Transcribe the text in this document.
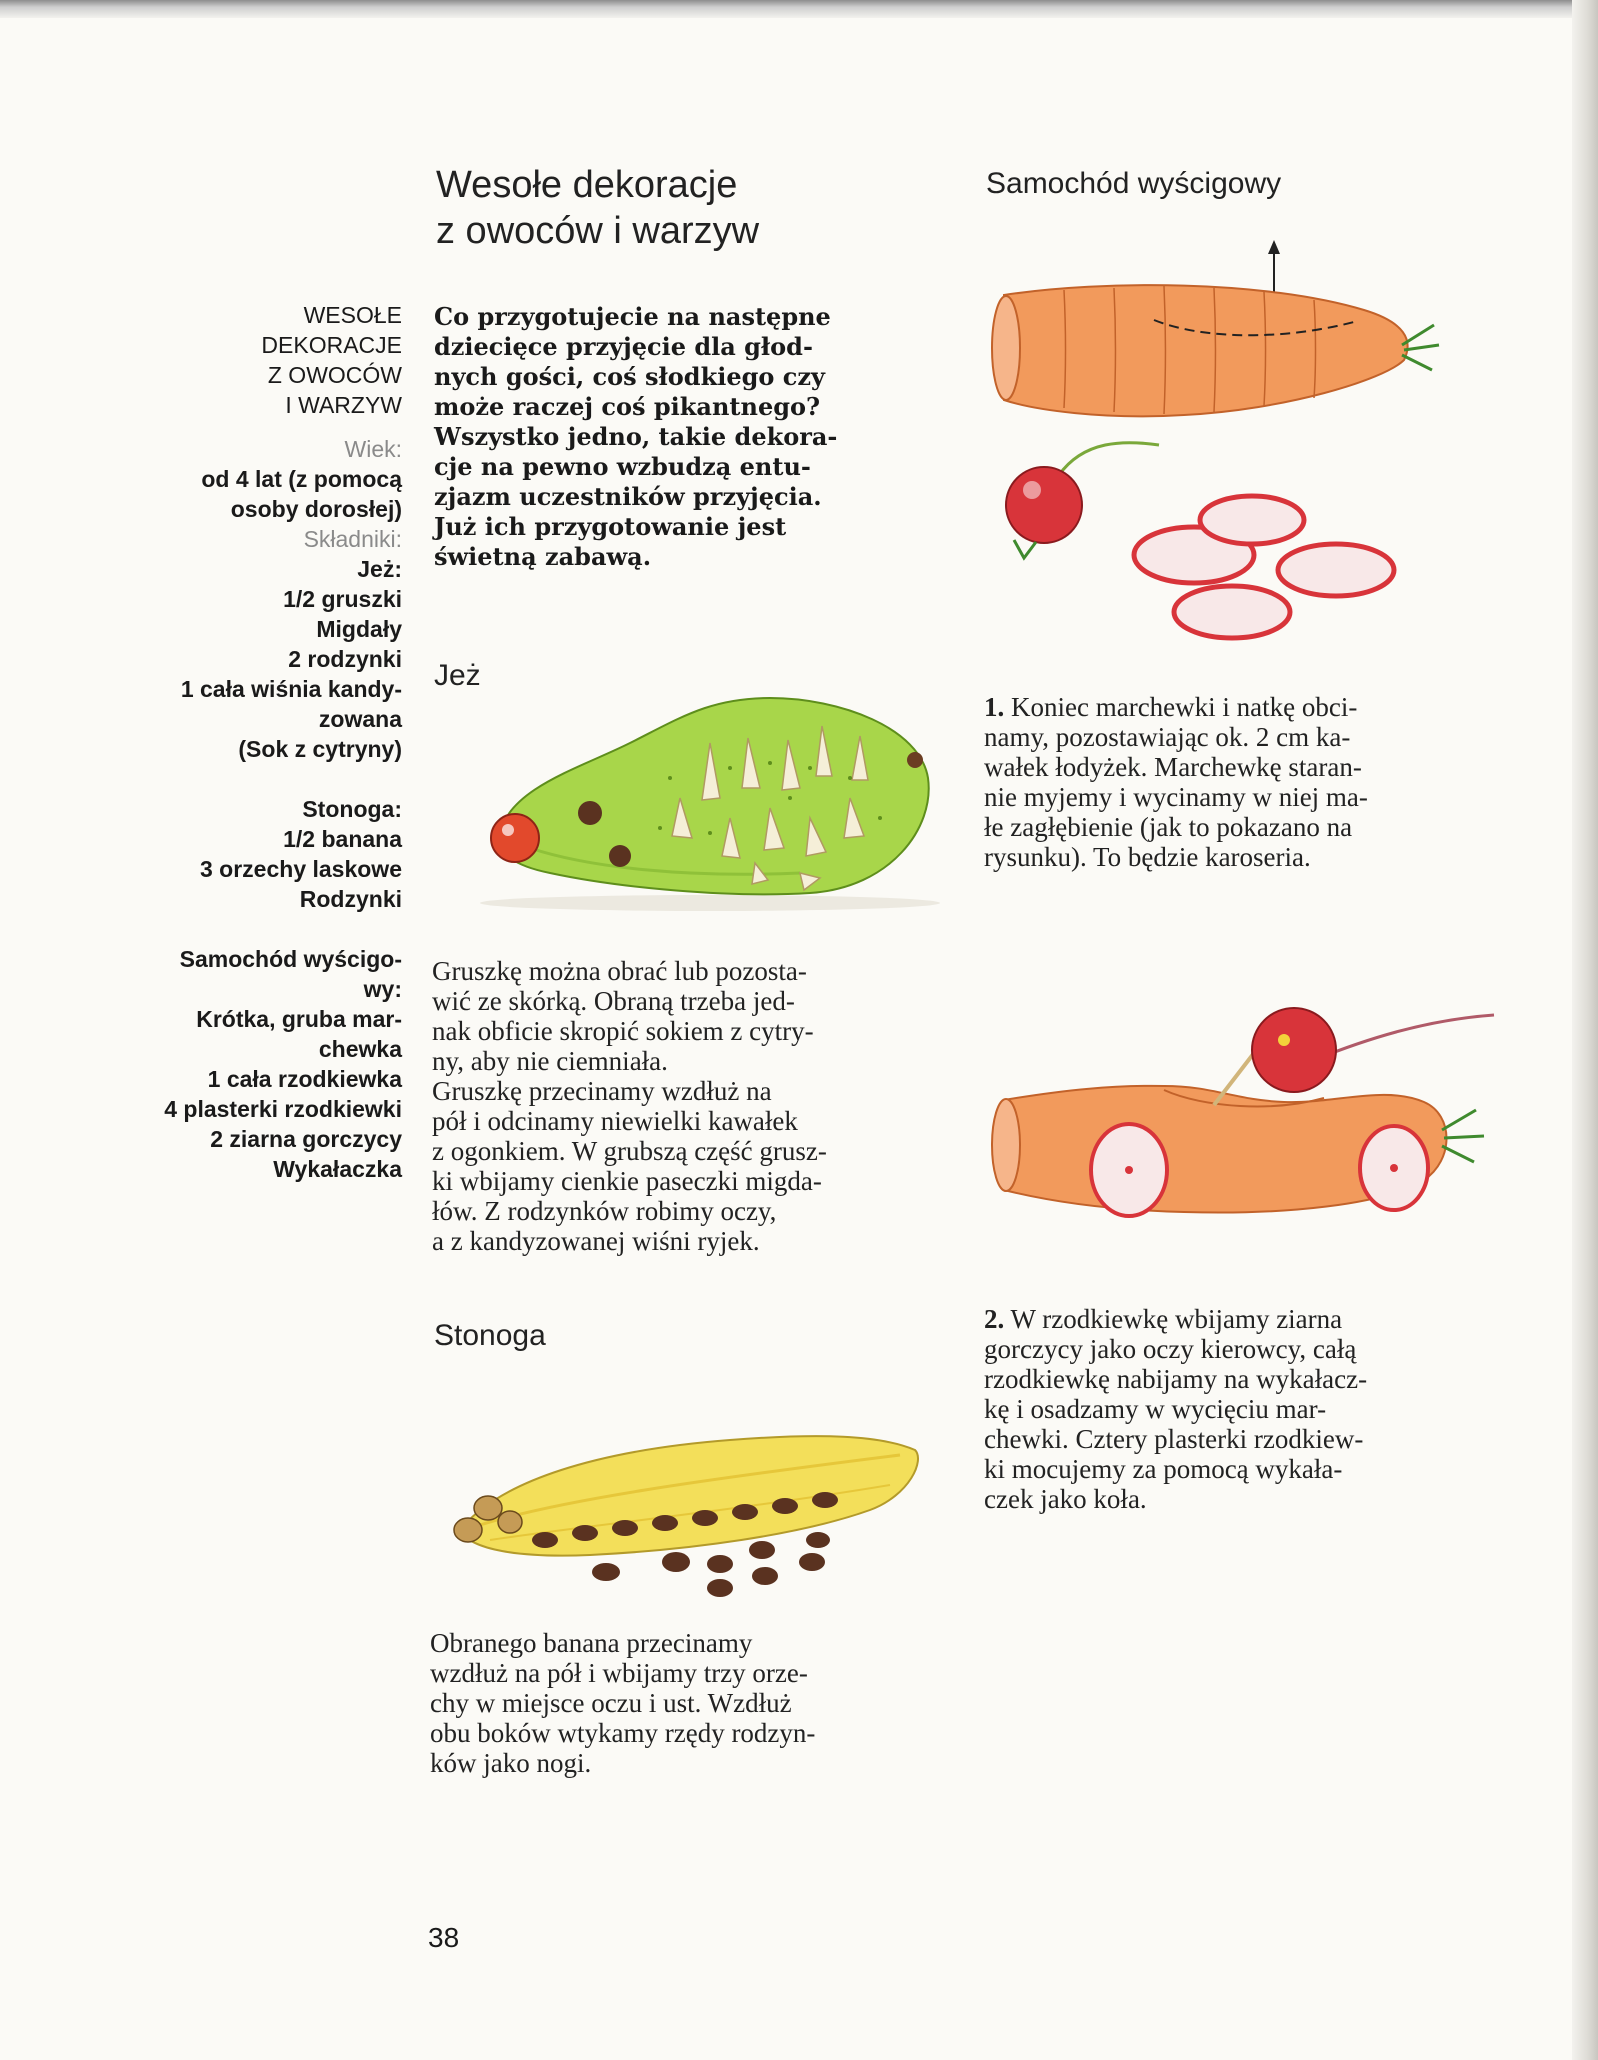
WESOŁE
DEKORACJE
Z OWOCÓW
I WARZYW
Wiek:
od 4 lat (z pomocą
osoby dorosłej)
Składniki:
Jeż:
1/2 gruszki
Migdały
2 rodzynki
1 cała wiśnia kandy-
zowana
(Sok z cytryny)
Stonoga:
1/2 banana
3 orzechy laskowe
Rodzynki
Samochód wyścigo-
wy:
Krótka, gruba mar-
chewka
1 cała rzodkiewka
4 plasterki rzodkiewki
2 ziarna gorczycy
Wykałaczka
Wesołe dekoracje
z owoców i warzyw
Co przygotujecie na następne
dziecięce przyjęcie dla głod-
nych gości, coś słodkiego czy
może raczej coś pikantnego?
Wszystko jedno, takie dekora-
cje na pewno wzbudzą entu-
zjazm uczestników przyjęcia.
Już ich przygotowanie jest
świetną zabawą.
Jeż
Gruszkę można obrać lub pozosta-
wić ze skórką. Obraną trzeba jed-
nak obficie skropić sokiem z cytry-
ny, aby nie ciemniała.
Gruszkę przecinamy wzdłuż na
pół i odcinamy niewielki kawałek
z ogonkiem. W grubszą część grusz-
ki wbijamy cienkie paseczki migda-
łów. Z rodzynków robimy oczy,
a z kandyzowanej wiśni ryjek.
Stonoga
Obranego banana przecinamy
wzdłuż na pół i wbijamy trzy orze-
chy w miejsce oczu i ust. Wzdłuż
obu boków wtykamy rzędy rodzyn-
ków jako nogi.
Samochód wyścigowy
1. Koniec marchewki i natkę obci-
namy, pozostawiając ok. 2 cm ka-
wałek łodyżek. Marchewkę staran-
nie myjemy i wycinamy w niej ma-
łe zagłębienie (jak to pokazano na
rysunku). To będzie karoseria.
2. W rzodkiewkę wbijamy ziarna
gorczycy jako oczy kierowcy, całą
rzodkiewkę nabijamy na wykałacz-
kę i osadzamy w wycięciu mar-
chewki. Cztery plasterki rzodkiew-
ki mocujemy za pomocą wykała-
czek jako koła.
38
